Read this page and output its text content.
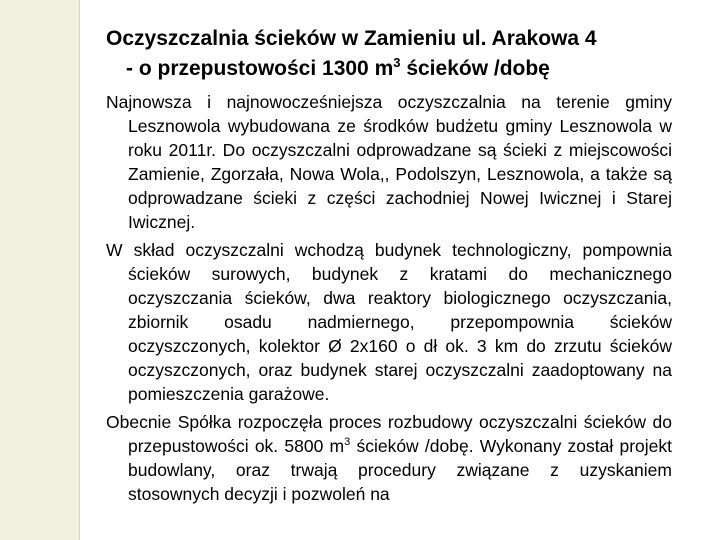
Oczyszczalnia ścieków w Zamieniu ul. Arakowa 4
- o przepustowości 1300 $m^3$ ścieków /dobę

Najnowsza i najnowocześniejsza oczyszczalnia na terenie gminy Lesznowola wybudowana ze środków budżetu gminy Lesznowola w roku 2011r. Do oczyszczalni odprowadzane są ścieki z miejscowości Zamienie, Zgorzała, Nowa Wola,, Podolszyn, Lesznowola, a także są odprowadzane ścieki z części zachodniej Nowej Iwicznej i Starej Iwicznej.

W skład oczyszczalni wchodzą budynek technologiczny, pompownia ścieków surowych, budynek z kratami do mechanicznego oczyszczania ścieków, dwa reaktory biologicznego oczyszczania, zbiornik osadu nadmiernego, przepompownia ścieków oczyszczonych, kolektor Ø 2x160 o dł ok. 3 km do zrzutu ścieków oczyszczonych, oraz budynek starej oczyszczalni zaadoptowany na pomieszczenia garażowe.

Obecnie Spółka rozpoczęła proces rozbudowy oczyszczalni ścieków do przepustowości ok. 5800 $m^3$ ścieków /dobę. Wykonany został projekt budowlany, oraz trwają procedury związane z uzyskaniem stosownych decyzji i pozwoleń na
